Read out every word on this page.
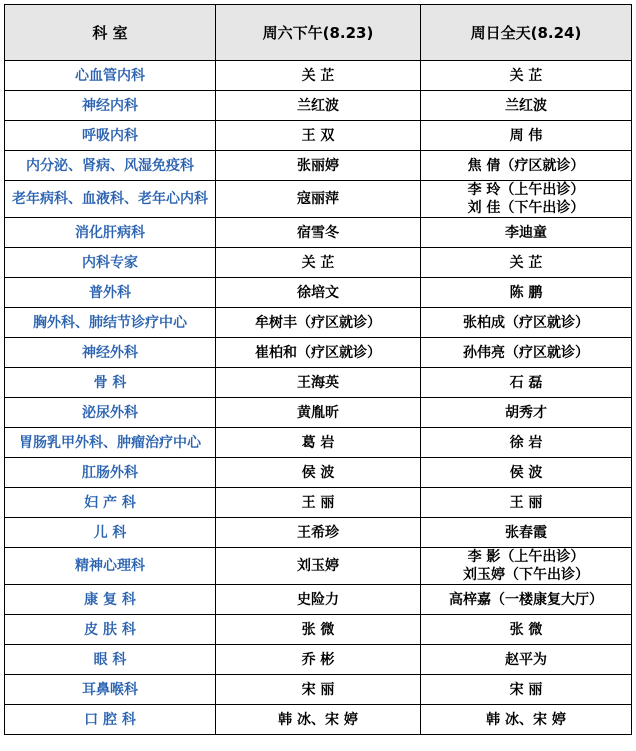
科 室	周六下午(8.23)	周日全天(8.24)
心血管内科	关 芷	关 芷

神经内科	兰红波	兰红波

呼吸内科	王 双	周 伟

内分泌、肾病、风湿免疫科	张丽婷	焦 倩（疗区就诊）

老年病科、血液科、老年心内科	寇丽萍	李 玲（上午出诊）
刘 佳（下午出诊）

消化肝病科	宿雪冬	李迪童

内科专家	关 芷	关 芷

普外科	徐培文	陈 鹏

胸外科、肺结节诊疗中心	牟树丰（疗区就诊）	张柏成（疗区就诊）

神经外科	崔柏和（疗区就诊）	孙伟亮（疗区就诊）

骨 科	王海英	石 磊

泌尿外科	黄胤昕	胡秀才

胃肠乳甲外科、肿瘤治疗中心	葛 岩	徐 岩

肛肠外科	侯 波	侯 波

妇 产 科	王 丽	王 丽

儿 科	王希珍	张春霞

精神心理科	刘玉婷	李 影（上午出诊）
刘玉婷（下午出诊）

康 复 科	史险力	高梓嘉（一楼康复大厅）

皮 肤 科	张 微	张 微

眼 科	乔 彬	赵平为

耳鼻喉科	宋 丽	宋 丽

口 腔 科	韩 冰、宋 婷	韩 冰、宋 婷
